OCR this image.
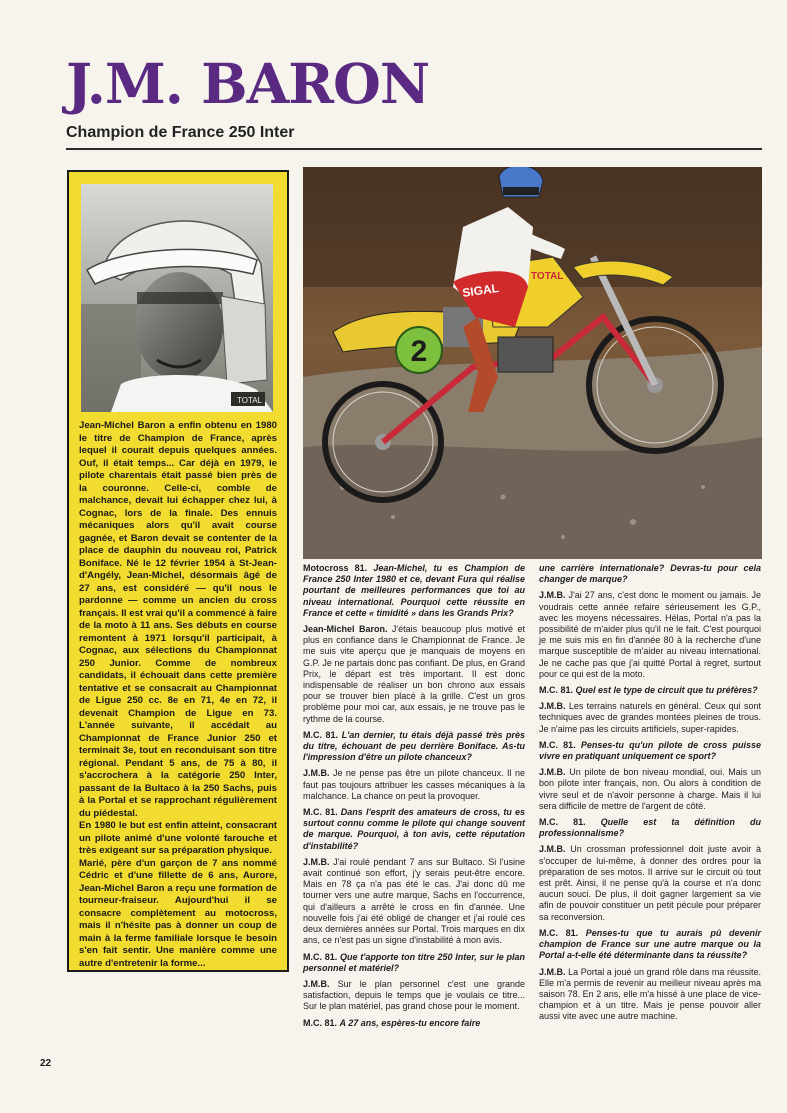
J.M. BARON
Champion de France 250 Inter
TOTAL

Jean-Michel Baron a enfin obtenu en 1980 le titre de Champion de France, après lequel il courait depuis quelques années. Ouf, il était temps... Car déjà en 1979, le pilote charentais était passé bien près de la couronne. Celle-ci, comble de malchance, devait lui échapper chez lui, à Cognac, lors de la finale. Des ennuis mécaniques alors qu'il avait course gagnée, et Baron devait se contenter de la place de dauphin du nouveau roi, Patrick Boniface. Né le 12 février 1954 à St-Jean-d'Angély, Jean-Michel, désormais âgé de 27 ans, est considéré — qu'il nous le pardonne — comme un ancien du cross français. Il est vrai qu'il a commencé à faire de la moto à 11 ans. Ses débuts en course remontent à 1971 lorsqu'il participait, à Cognac, aux sélections du Championnat 250 Junior. Comme de nombreux candidats, il échouait dans cette première tentative et se consacrait au Championnat de Ligue 250 cc. 8e en 71, 4e en 72, il devenait Champion de Ligue en 73. L'année suivante, il accédait au Championnat de France Junior 250 et terminait 3e, tout en reconduisant son titre régional. Pendant 5 ans, de 75 à 80, il s'accrochera à la catégorie 250 Inter, passant de la Bultaco à la 250 Sachs, puis à la Portal et se rapprochant régulièrement du piédestal.

En 1980 le but est enfin atteint, consacrant un pilote animé d'une volonté farouche et très exigeant sur sa préparation physique.

Marié, père d'un garçon de 7 ans nommé Cédric et d'une fillette de 6 ans, Aurore, Jean-Michel Baron a reçu une formation de tourneur-fraiseur. Aujourd'hui il se consacre complètement au motocross, mais il n'hésite pas à donner un coup de main à la ferme familiale lorsque le besoin s'en fait sentir. Une manière comme une autre d'entretenir la forme...

2
TOTAL
SIGAL

Motocross 81. Jean-Michel, tu es Champion de France 250 Inter 1980 et ce, devant Fura qui réalise pourtant de meilleures performances que toi au niveau international. Pourquoi cette réussite en France et cette « timidité » dans les Grands Prix?

Jean-Michel Baron. J'étais beaucoup plus motivé et plus en confiance dans le Championnat de France. Je me suis vite aperçu que je manquais de moyens en G.P. Je ne partais donc pas confiant. De plus, en Grand Prix, le départ est très important. Il est donc indispensable de réaliser un bon chrono aux essais pour se trouver bien placé à la grille. C'est un gros problème pour moi car, aux essais, je ne trouve pas le rythme de la course.

M.C. 81. L'an dernier, tu étais déjà passé très près du titre, échouant de peu derrière Boniface. As-tu l'impression d'être un pilote chanceux?

J.M.B. Je ne pense pas être un pilote chanceux. Il ne faut pas toujours attribuer les casses mécaniques à la malchance. La chance on peut la provoquer.

M.C. 81. Dans l'esprit des amateurs de cross, tu es surtout connu comme le pilote qui change souvent de marque. Pourquoi, à ton avis, cette réputation d'instabilité?

J.M.B. J'ai roulé pendant 7 ans sur Bultaco. Si l'usine avait continué son effort, j'y serais peut-être encore. Mais en 78 ça n'a pas été le cas. J'ai donc dû me tourner vers une autre marque, Sachs en l'occurrence, qui d'ailleurs a arrêté le cross en fin d'année. Une nouvelle fois j'ai été obligé de changer et j'ai roulé ces deux dernières années sur Portal. Trois marques en dix ans, ce n'est pas un signe d'instabilité à mon avis.

M.C. 81. Que t'apporte ton titre 250 Inter, sur le plan personnel et matériel?

J.M.B. Sur le plan personnel c'est une grande satisfaction, depuis le temps que je voulais ce titre... Sur le plan matériel, pas grand chose pour le moment.

M.C. 81. A 27 ans, espères-tu encore faire

une carrière internationale? Devras-tu pour cela changer de marque?

J.M.B. J'ai 27 ans, c'est donc le moment ou jamais. Je voudrais cette année refaire sérieusement les G.P., avec les moyens nécessaires. Hélas, Portal n'a pas la possibilité de m'aider plus qu'il ne le fait. C'est pourquoi je me suis mis en fin d'année 80 à la recherche d'une marque susceptible de m'aider au niveau international. Je ne cache pas que j'ai quitté Portal à regret, surtout pour ce qui est de la moto.

M.C. 81. Quel est le type de circuit que tu préfères?

J.M.B. Les terrains naturels en général. Ceux qui sont techniques avec de grandes montées pleines de trous. Je n'aime pas les circuits artificiels, super-rapides.

M.C. 81. Penses-tu qu'un pilote de cross puisse vivre en pratiquant uniquement ce sport?

J.M.B. Un pilote de bon niveau mondial, oui. Mais un bon pilote inter français, non. Ou alors à condition de vivre seul et de n'avoir personne à charge. Mais il lui sera difficile de mettre de l'argent de côté.

M.C. 81. Quelle est ta définition du professionnalisme?

J.M.B. Un crossman professionnel doit juste avoir à s'occuper de lui-même, à donner des ordres pour la préparation de ses motos. Il arrive sur le circuit où tout est prêt. Ainsi, il ne pense qu'à la course et n'a donc aucun souci. De plus, il doit gagner largement sa vie afin de pouvoir constituer un petit pécule pour préparer sa reconversion.

M.C. 81. Penses-tu que tu aurais pû devenir champion de France sur une autre marque ou la Portal a-t-elle été déterminante dans ta réussite?

J.M.B. La Portal a joué un grand rôle dans ma réussite. Elle m'a permis de revenir au meilleur niveau après ma saison 78. En 2 ans, elle m'a hissé à une place de vice-champion et à un titre. Mais je pense pouvoir aller aussi vite avec une autre machine.

22
